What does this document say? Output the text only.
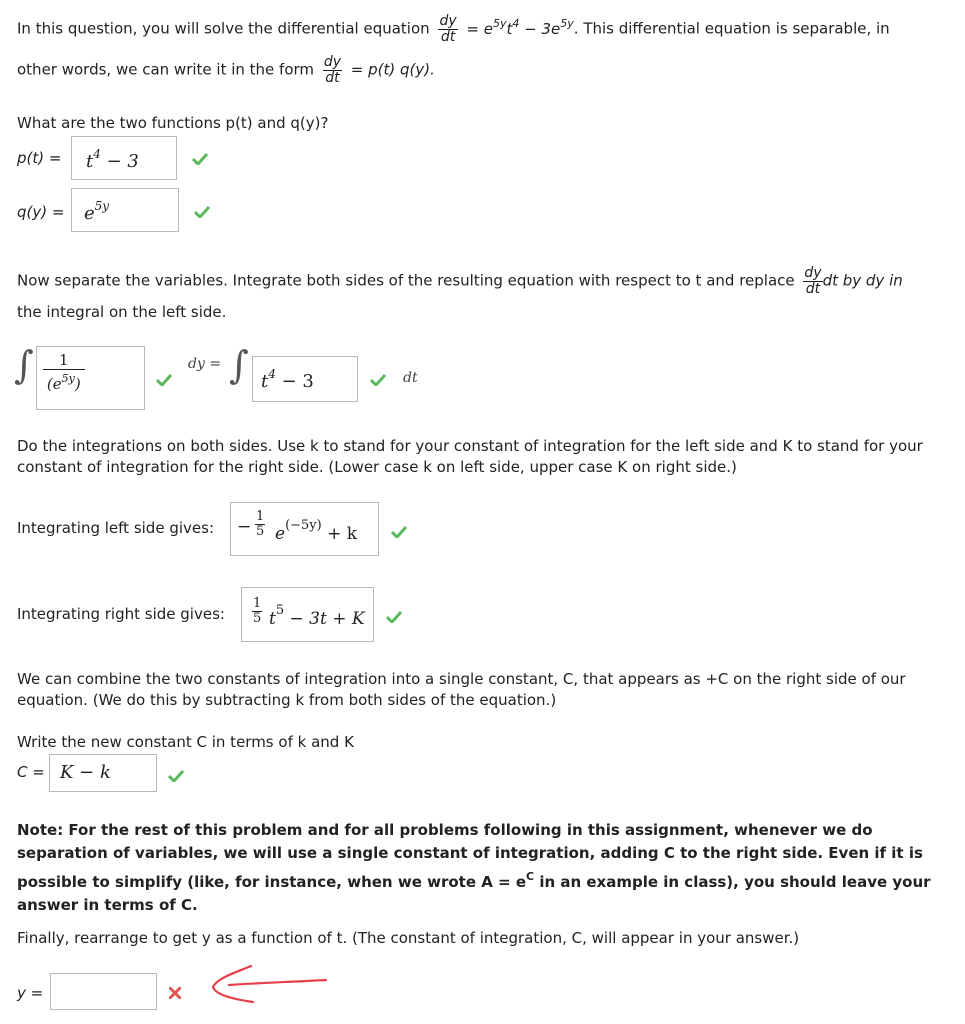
In this question, you will solve the differential equation $\frac{dy}{dt} = e^{5y}t^4 - 3e^{5y}$. This differential equation is separable, in
other words, we can write it in the form $\frac{dy}{dt} = p(t)$ q(y).
What are the two functions p(t) and q(y)?
p(t) =	$t^4 - 3$
q(y) =	$e^{5y}$
Now separate the variables. Integrate both sides of the resulting equation with respect to t and replace $\frac{dy}{dt}$ dt by dy in
the integral on the left side.
∫ $\frac{1}{(e^{5y})}$	dy = ∫ $t^4 - 3$	dt
Do the integrations on both sides. Use k to stand for your constant of integration for the left side and K to stand for your constant of integration for the right side. (Lower case k on left side, upper case K on right side.)
Integrating left side gives: − $\frac{1}{5} e^{(-5y)} + k$
Integrating right side gives: $\frac{1}{5} t^5 - 3t + K$
We can combine the two constants of integration into a single constant, C, that appears as +C on the right side of our equation. (We do this by subtracting k from both sides of the equation.)
Write the new constant C in terms of k and K
C = K − k
Note: For the rest of this problem and for all problems following in this assignment, whenever we do separation of variables, we will use a single constant of integration, adding C to the right side. Even if it is possible to simplify (like, for instance, when we wrote $A = e^C$ in an example in class), you should leave your answer in terms of C.
Finally, rearrange to get y as a function of t. (The constant of integration, C, will appear in your answer.)
y =
